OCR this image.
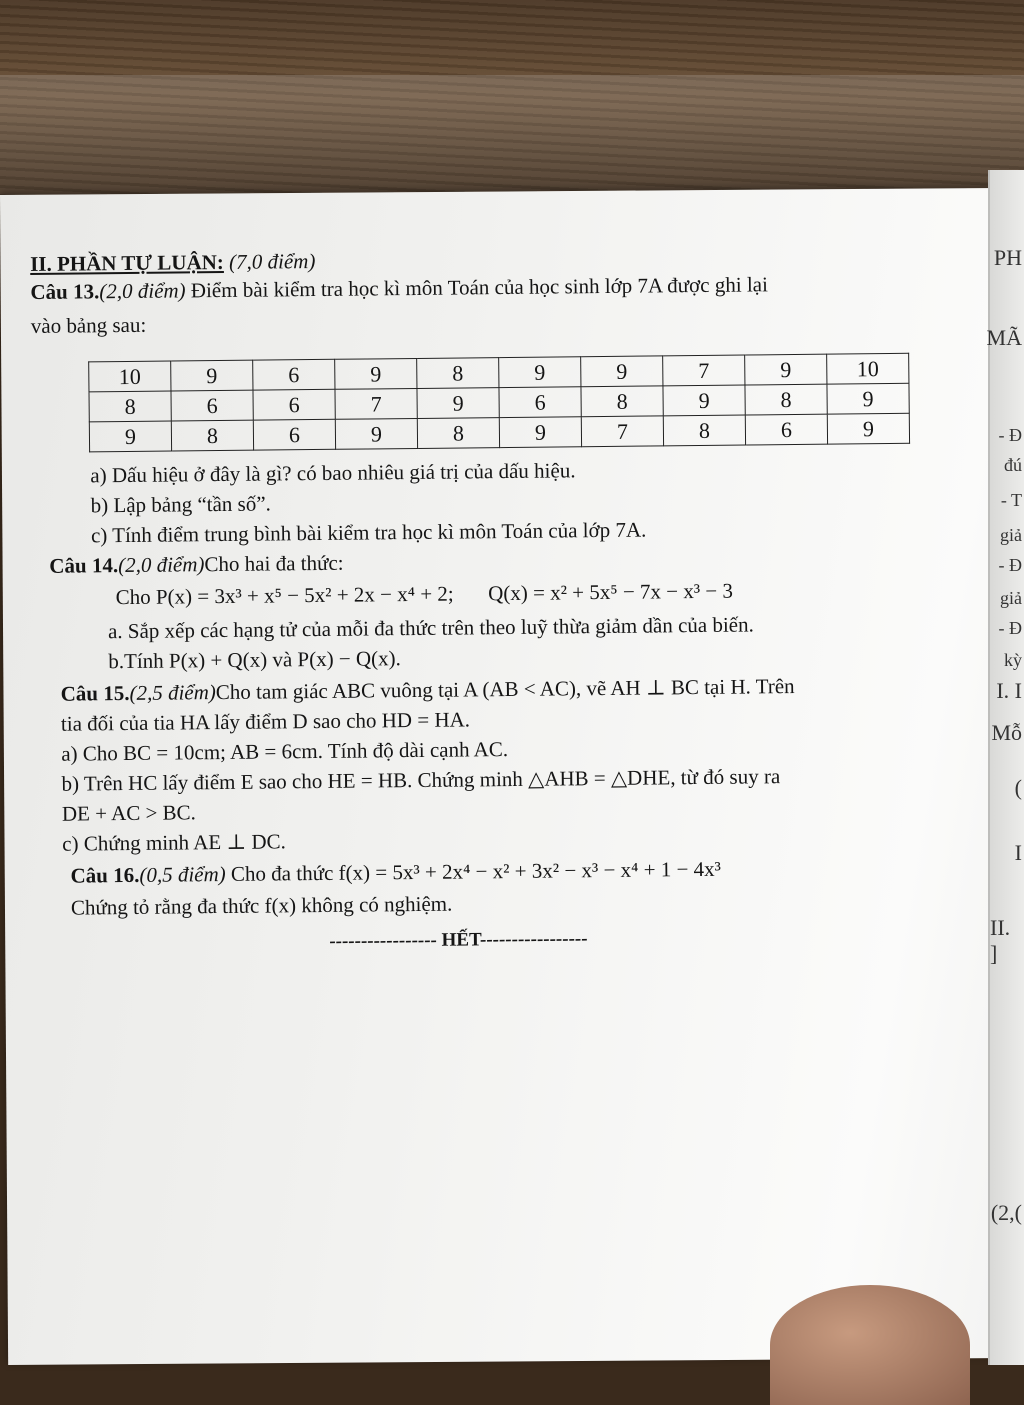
PH
MÃ
- Đ
đú
- T
giả
- Đ
giả
- Đ
kỳ
I. I
Mỗ
(
I
II. ]
(2,(
II. PHẦN TỰ LUẬN: (7,0 điểm)
Câu 13.(2,0 điểm) Điểm bài kiểm tra học kì môn Toán của học sinh lớp 7A được ghi lại
vào bảng sau:
10	9	6	9	8	9	9	7	9	10
8	6	6	7	9	6	8	9	8	9
9	8	6	9	8	9	7	8	6	9
a) Dấu hiệu ở đây là gì? có bao nhiêu giá trị của dấu hiệu.
b) Lập bảng “tần số”.
c) Tính điểm trung bình bài kiểm tra học kì môn Toán của lớp 7A.
Câu 14.(2,0 điểm)Cho hai đa thức:
Cho P(x) = 3x³ + x⁵ − 5x² + 2x − x⁴ + 2; Q(x) = x² + 5x⁵ − 7x − x³ − 3
a. Sắp xếp các hạng tử của mỗi đa thức trên theo luỹ thừa giảm dần của biến.
b.Tính P(x) + Q(x) và P(x) − Q(x).
Câu 15.(2,5 điểm)Cho tam giác ABC vuông tại A (AB < AC), vẽ AH ⊥ BC tại H. Trên
tia đối của tia HA lấy điểm D sao cho HD = HA.
a) Cho BC = 10cm; AB = 6cm. Tính độ dài cạnh AC.
b) Trên HC lấy điểm E sao cho HE = HB. Chứng minh △AHB = △DHE, từ đó suy ra
DE + AC > BC.
c) Chứng minh AE ⊥ DC.
Câu 16.(0,5 điểm) Cho đa thức f(x) = 5x³ + 2x⁴ − x² + 3x² − x³ − x⁴ + 1 − 4x³
Chứng tỏ rằng đa thức f(x) không có nghiệm.
----------------- HẾT-----------------
